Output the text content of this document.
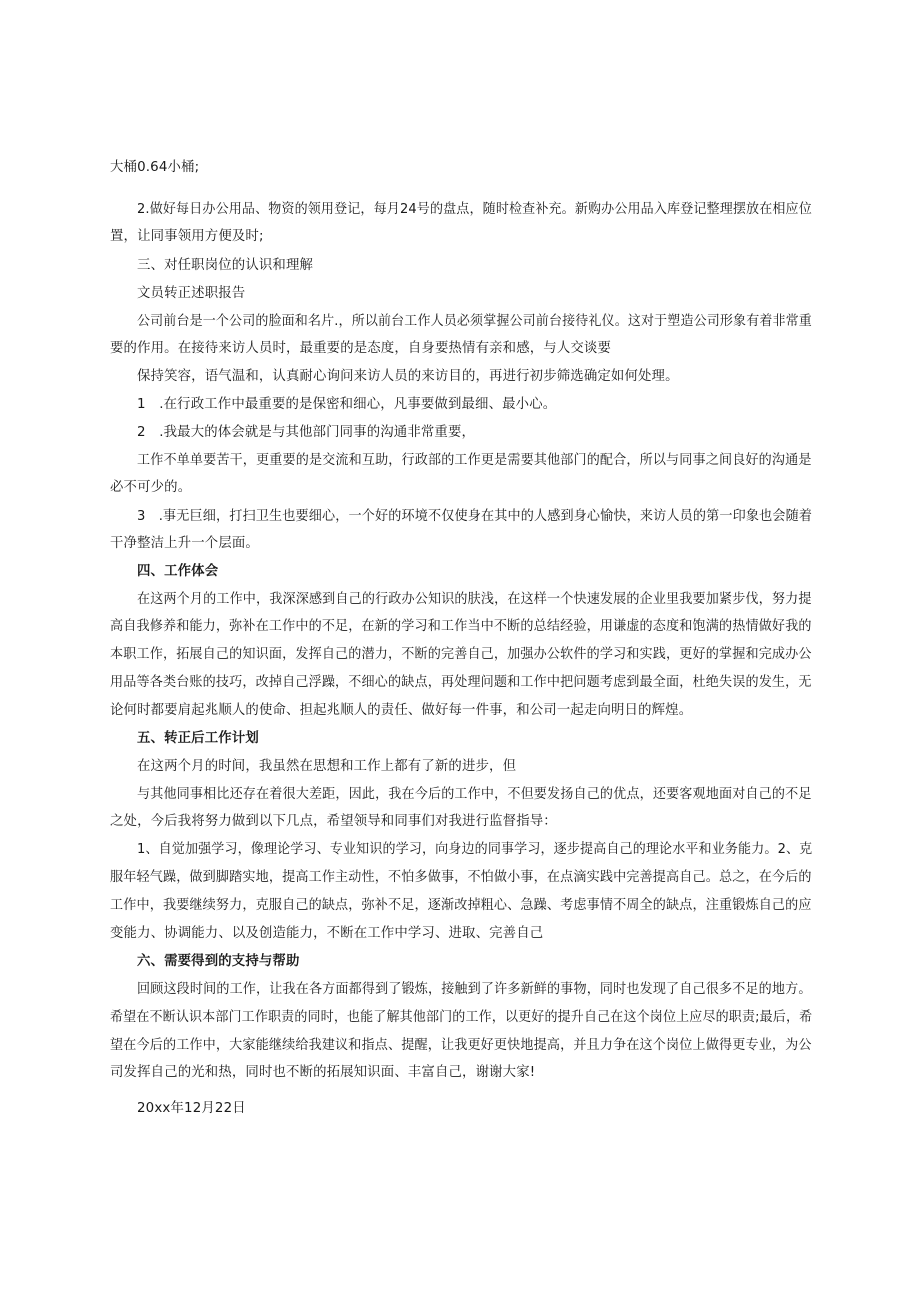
大桶0.64小桶;
2.做好每日办公用品、物资的领用登记，每月24号的盘点，随时检查补充。新购办公用品入库登记整理摆放在相应位
置，让同事领用方便及时;
三、对任职岗位的认识和理解
文员转正述职报告
公司前台是一个公司的脸面和名片.，所以前台工作人员必须掌握公司前台接待礼仪。这对于塑造公司形象有着非常重
要的作用。在接待来访人员时，最重要的是态度，自身要热情有亲和感，与人交谈要
保持笑容，语气温和，认真耐心询问来访人员的来访目的，再进行初步筛选确定如何处理。
1　.在行政工作中最重要的是保密和细心，凡事要做到最细、最小心。
2　.我最大的体会就是与其他部门同事的沟通非常重要，
工作不单单要苦干，更重要的是交流和互助，行政部的工作更是需要其他部门的配合，所以与同事之间良好的沟通是
必不可少的。
3　.事无巨细，打扫卫生也要细心，一个好的环境不仅使身在其中的人感到身心愉快，来访人员的第一印象也会随着
干净整洁上升一个层面。
四、工作体会
在这两个月的工作中，我深深感到自己的行政办公知识的肤浅，在这样一个快速发展的企业里我要加紧步伐，努力提
高自我修养和能力，弥补在工作中的不足，在新的学习和工作当中不断的总结经验，用谦虚的态度和饱满的热情做好我的
本职工作，拓展自己的知识面，发挥自己的潜力，不断的完善自己，加强办公软件的学习和实践，更好的掌握和完成办公
用品等各类台账的技巧，改掉自己浮躁，不细心的缺点，再处理问题和工作中把问题考虑到最全面，杜绝失误的发生，无
论何时都要肩起兆顺人的使命、担起兆顺人的责任、做好每一件事，和公司一起走向明日的辉煌。
五、转正后工作计划
在这两个月的时间，我虽然在思想和工作上都有了新的进步，但
与其他同事相比还存在着很大差距，因此，我在今后的工作中，不但要发扬自己的优点，还要客观地面对自己的不足
之处，今后我将努力做到以下几点，希望领导和同事们对我进行监督指导：
1、自觉加强学习，像理论学习、专业知识的学习，向身边的同事学习，逐步提高自己的理论水平和业务能力。2、克
服年轻气躁，做到脚踏实地，提高工作主动性，不怕多做事，不怕做小事，在点滴实践中完善提高自己。总之，在今后的
工作中，我要继续努力，克服自己的缺点，弥补不足，逐渐改掉粗心、急躁、考虑事情不周全的缺点，注重锻炼自己的应
变能力、协调能力、以及创造能力，不断在工作中学习、进取、完善自己
六、需要得到的支持与帮助
回顾这段时间的工作，让我在各方面都得到了锻炼，接触到了许多新鲜的事物，同时也发现了自己很多不足的地方。
希望在不断认识本部门工作职责的同时，也能了解其他部门的工作，以更好的提升自己在这个岗位上应尽的职责;最后，希
望在今后的工作中，大家能继续给我建议和指点、提醒，让我更好更快地提高，并且力争在这个岗位上做得更专业，为公
司发挥自己的光和热，同时也不断的拓展知识面、丰富自己，谢谢大家!
20xx年12月22日
